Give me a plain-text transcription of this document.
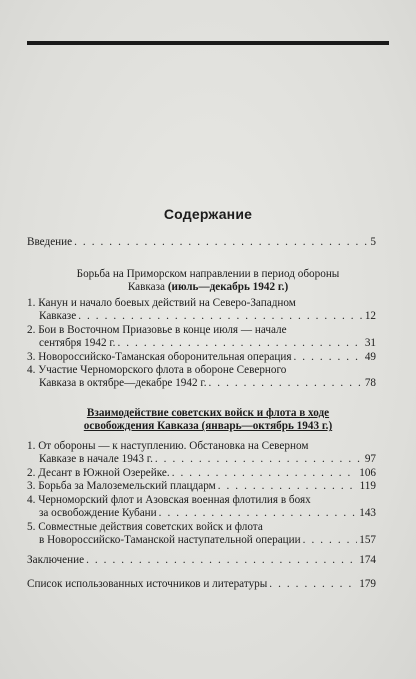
Содержание
Введение . . .	5
Борьба на Приморском направлении в период обороны
Кавказа (июль—декабрь 1942 г.)
1. Канун и начало боевых действий на Северо-Западном
Кавказе . . .	12
2. Бои в Восточном Приазовье в конце июля — начале
сентября 1942 г. . . .	31
3. Новороссийско-Таманская оборонительная операция . . .	49
4. Участие Черноморского флота в обороне Северного
Кавказа в октябре—декабре 1942 г. . . .	78
Взаимодействие советских войск и флота в ходе
освобождения Кавказа (январь—октябрь 1943 г.)
1. От обороны — к наступлению. Обстановка на Северном
Кавказе в начале 1943 г. . . .	97
2. Десант в Южной Озерейке. . . .	106
3. Борьба за Малоземельский плацдарм . . .	119
4. Черноморский флот и Азовская военная флотилия в боях
за освобождение Кубани . . .	143
5. Совместные действия советских войск и флота
в Новороссийско-Таманской наступательной операции . . .	157
Заключение . . .	174
Список использованных источников и литературы . . .	179
